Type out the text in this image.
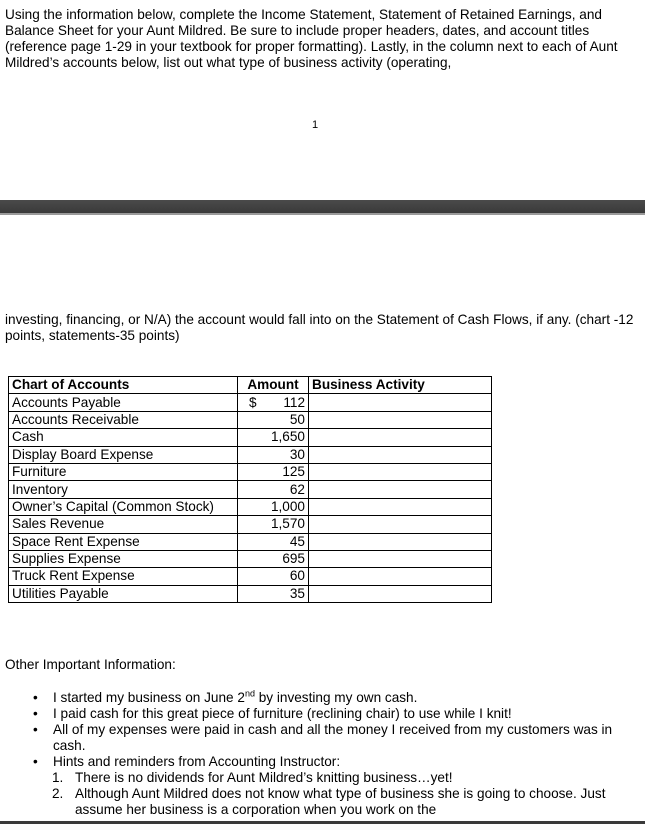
Using the information below, complete the Income Statement, Statement of Retained Earnings, and Balance Sheet for your Aunt Mildred. Be sure to include proper headers, dates, and account titles (reference page 1-29 in your textbook for proper formatting). Lastly, in the column next to each of Aunt Mildred’s accounts below, list out what type of business activity (operating,

1

investing, financing, or N/A) the account would fall into on the Statement of Cash Flows, if any. (chart -12 points, statements-35 points)

Chart of Accounts	Amount	Business Activity
Accounts Payable	$ 112	
Accounts Receivable	50	
Cash	1,650	
Display Board Expense	30	
Furniture	125	
Inventory	62	
Owner’s Capital (Common Stock)	1,000	
Sales Revenue	1,570	
Space Rent Expense	45	
Supplies Expense	695	
Truck Rent Expense	60	
Utilities Payable	35	
Other Important Information:
• I started my business on June 2nd by investing my own cash.
• I paid cash for this great piece of furniture (reclining chair) to use while I knit!
• All of my expenses were paid in cash and all the money I received from my customers was in cash.
• Hints and reminders from Accounting Instructor:
1. There is no dividends for Aunt Mildred’s knitting business…yet!
2. Although Aunt Mildred does not know what type of business she is going to choose. Just assume her business is a corporation when you work on the
